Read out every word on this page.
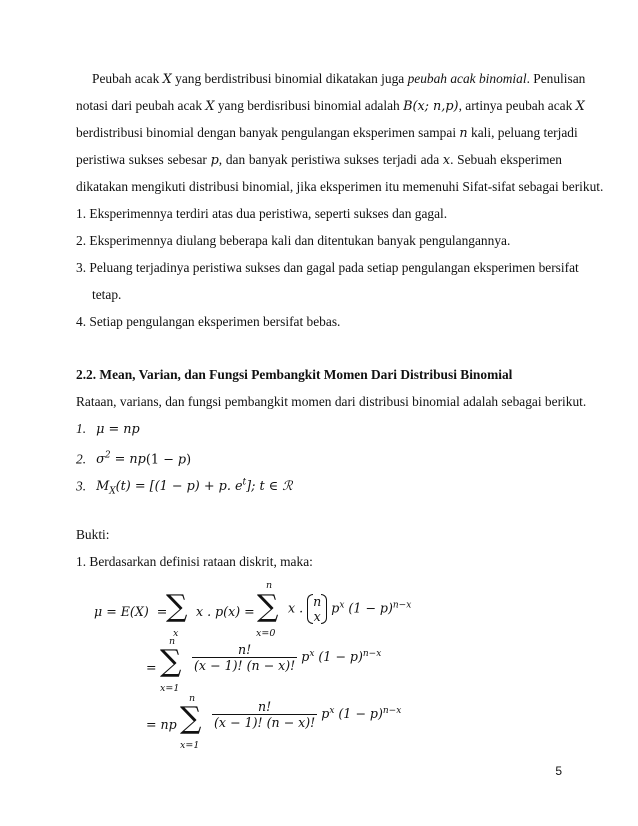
Peubah acak X yang berdistribusi binomial dikatakan juga peubah acak binomial. Penulisan
notasi dari peubah acak X yang berdisribusi binomial adalah B(x; n,p), artinya peubah acak X
berdistribusi binomial dengan banyak pengulangan eksperimen sampai n kali, peluang terjadi
peristiwa sukses sebesar p, dan banyak peristiwa sukses terjadi ada x. Sebuah eksperimen
dikatakan mengikuti distribusi binomial, jika eksperimen itu memenuhi Sifat-sifat sebagai berikut.
1. Eksperimennya terdiri atas dua peristiwa, seperti sukses dan gagal.
2. Eksperimennya diulang beberapa kali dan ditentukan banyak pengulangannya.
3. Peluang terjadinya peristiwa sukses dan gagal pada setiap pengulangan eksperimen bersifat
tetap.
4. Setiap pengulangan eksperimen bersifat bebas.
2.2. Mean, Varian, dan Fungsi Pembangkit Momen Dari Distribusi Binomial
Rataan, varians, dan fungsi pembangkit momen dari distribusi binomial adalah sebagai berikut.
1. μ = np
2. $\sigma^2 = np(1 - p)$
3. $M_X(t) = [(1 - p) + p$. $e^t$]; t ∈ ℛ
Bukti:
1. Berdasarkan definisi rataan diskrit, maka:
μ = E(X)  =
∑
x
x . p(x) = ∑
n
x=0
x . n
x
$p^x$ $(1 - p)^{n-x}$
= ∑
n
x=1
$\frac{n!}{(x - 1)! (n - x)!} p^x$ $(1 - p)^{n-x}$
= np ∑
n
x=1
$\frac{n!}{(x - 1)! (n - x)!} p^x$ $(1 - p)^{n-x}$
5
